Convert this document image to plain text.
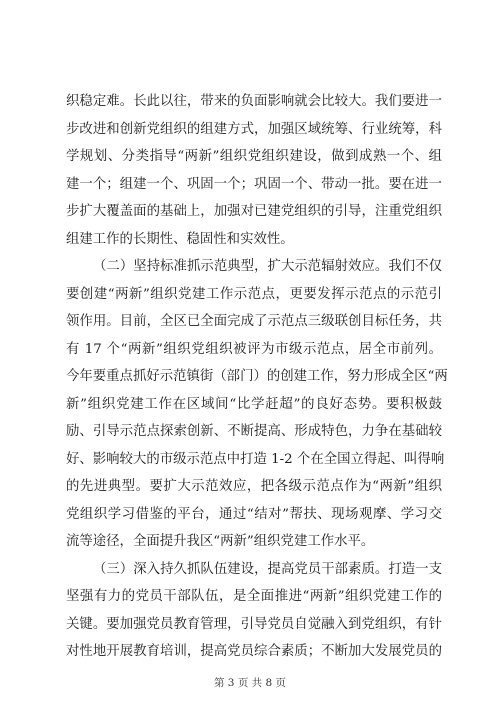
织稳定难。长此以往，带来的负面影响就会比较大。我们要进一
步改进和创新党组织的组建方式，加强区域统筹、行业统筹，科
学规划、分类指导“两新”组织党组织建设，做到成熟一个、组
建一个；组建一个、巩固一个；巩固一个、带动一批。要在进一
步扩大覆盖面的基础上，加强对已建党组织的引导，注重党组织
组建工作的长期性、稳固性和实效性。
（二）坚持标准抓示范典型，扩大示范辐射效应。我们不仅
要创建“两新”组织党建工作示范点，更要发挥示范点的示范引
领作用。目前，全区已全面完成了示范点三级联创目标任务，共
有 17 个“两新”组织党组织被评为市级示范点，居全市前列。
今年要重点抓好示范镇街（部门）的创建工作，努力形成全区“两
新”组织党建工作在区域间“比学赶超”的良好态势。要积极鼓
励、引导示范点探索创新、不断提高、形成特色，力争在基础较
好、影响较大的市级示范点中打造 1-2 个在全国立得起、叫得响
的先进典型。要扩大示范效应，把各级示范点作为“两新”组织
党组织学习借鉴的平台，通过“结对”帮扶、现场观摩、学习交
流等途径，全面提升我区“两新”组织党建工作水平。
（三）深入持久抓队伍建设，提高党员干部素质。打造一支
坚强有力的党员干部队伍，是全面推进“两新”组织党建工作的
关键。要加强党员教育管理，引导党员自觉融入到党组织，有针
对性地开展教育培训，提高党员综合素质；不断加大发展党员的
第 3 页 共 8 页
